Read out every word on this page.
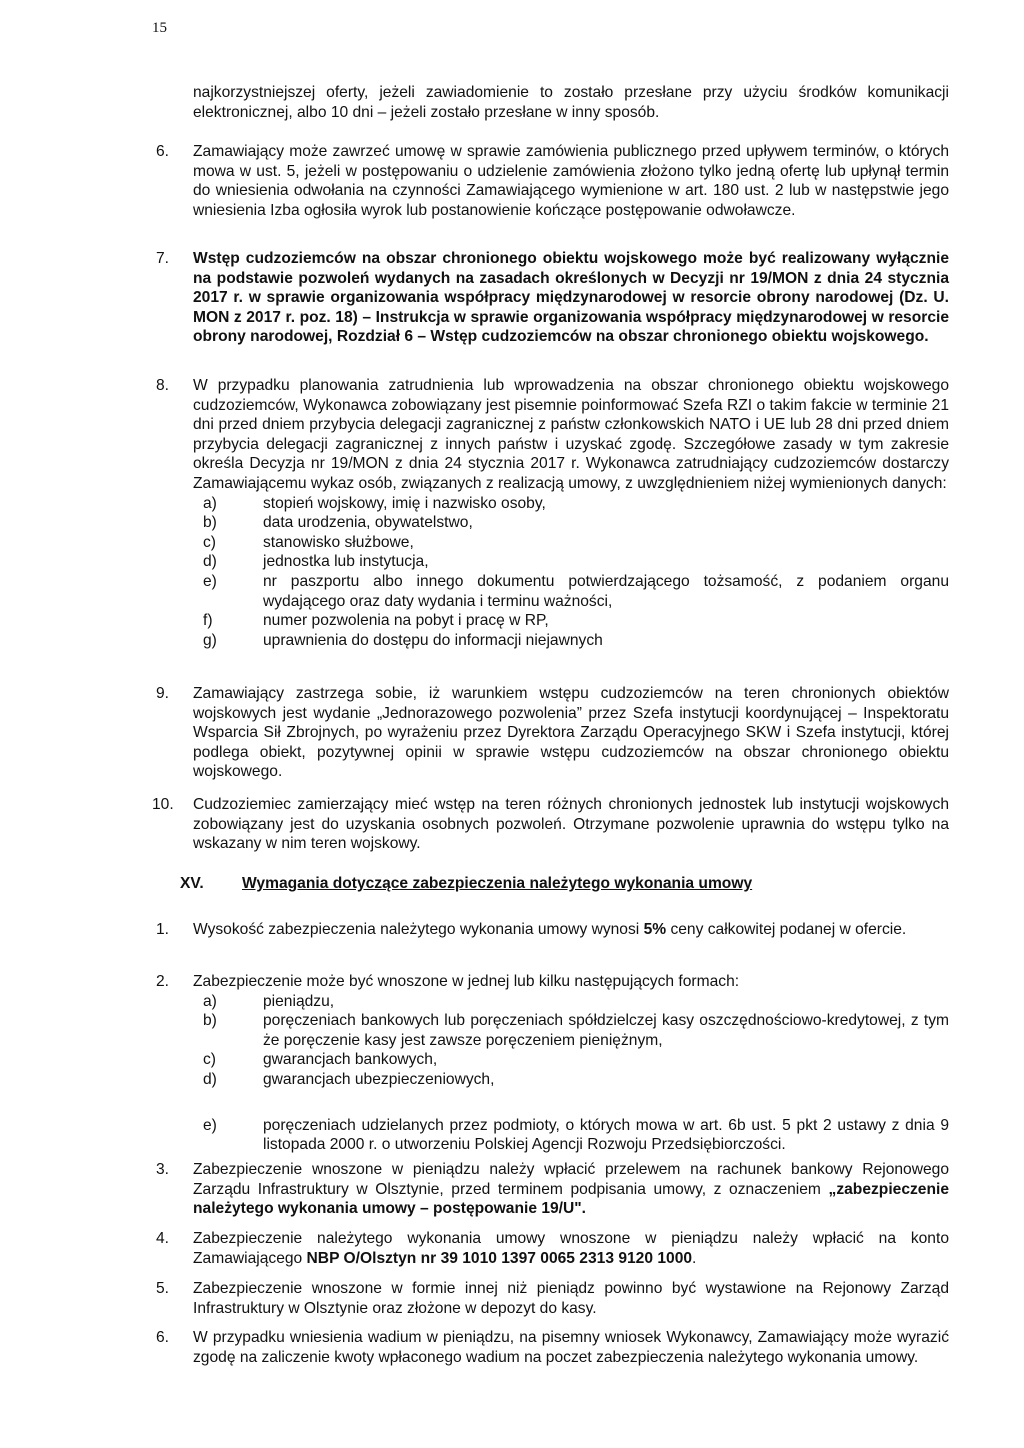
15
najkorzystniejszej oferty, jeżeli zawiadomienie to zostało przesłane przy użyciu środków komunikacji elektronicznej, albo 10 dni – jeżeli zostało przesłane w inny sposób.
6. Zamawiający może zawrzeć umowę w sprawie zamówienia publicznego przed upływem terminów, o których mowa w ust. 5, jeżeli w postępowaniu o udzielenie zamówienia złożono tylko jedną ofertę lub upłynął termin do wniesienia odwołania na czynności Zamawiającego wymienione w art. 180 ust. 2 lub w następstwie jego wniesienia Izba ogłosiła wyrok lub postanowienie kończące postępowanie odwoławcze.
7. Wstęp cudzoziemców na obszar chronionego obiektu wojskowego może być realizowany wyłącznie na podstawie pozwoleń wydanych na zasadach określonych w Decyzji nr 19/MON z dnia 24 stycznia 2017 r. w sprawie organizowania współpracy międzynarodowej w resorcie obrony narodowej (Dz. U. MON z 2017 r. poz. 18) – Instrukcja w sprawie organizowania współpracy międzynarodowej w resorcie obrony narodowej, Rozdział 6 – Wstęp cudzoziemców na obszar chronionego obiektu wojskowego.
8. W przypadku planowania zatrudnienia lub wprowadzenia na obszar chronionego obiektu wojskowego cudzoziemców, Wykonawca zobowiązany jest pisemnie poinformować Szefa RZI o takim fakcie w terminie 21 dni przed dniem przybycia delegacji zagranicznej z państw członkowskich NATO i UE lub 28 dni przed dniem przybycia delegacji zagranicznej z innych państw i uzyskać zgodę. Szczegółowe zasady w tym zakresie określa Decyzja nr 19/MON z dnia 24 stycznia 2017 r. Wykonawca zatrudniający cudzoziemców dostarczy Zamawiającemu wykaz osób, związanych z realizacją umowy, z uwzględnieniem niżej wymienionych danych:
a)	stopień wojskowy, imię i nazwisko osoby,
b)	data urodzenia, obywatelstwo,
c)	stanowisko służbowe,
d)	jednostka lub instytucja,
e)	nr paszportu albo innego dokumentu potwierdzającego tożsamość, z podaniem organu wydającego oraz daty wydania i terminu ważności,
f)	numer pozwolenia na pobyt i pracę w RP,
g)	uprawnienia do dostępu do informacji niejawnych
9. Zamawiający zastrzega sobie, iż warunkiem wstępu cudzoziemców na teren chronionych obiektów wojskowych jest wydanie „Jednorazowego pozwolenia” przez Szefa instytucji koordynującej – Inspektoratu Wsparcia Sił Zbrojnych, po wyrażeniu przez Dyrektora Zarządu Operacyjnego SKW i Szefa instytucji, której podlega obiekt, pozytywnej opinii w sprawie wstępu cudzoziemców na obszar chronionego obiektu wojskowego.
10. Cudzoziemiec zamierzający mieć wstęp na teren różnych chronionych jednostek lub instytucji wojskowych zobowiązany jest do uzyskania osobnych pozwoleń. Otrzymane pozwolenie uprawnia do wstępu tylko na wskazany w nim teren wojskowy.
XV. Wymagania dotyczące zabezpieczenia należytego wykonania umowy
1. Wysokość zabezpieczenia należytego wykonania umowy wynosi 5% ceny całkowitej podanej w ofercie.
2. Zabezpieczenie może być wnoszone w jednej lub kilku następujących formach:
a)	pieniądzu,
b)	poręczeniach bankowych lub poręczeniach spółdzielczej kasy oszczędnościowo-kredytowej, z tym że poręczenie kasy jest zawsze poręczeniem pieniężnym,
c)	gwarancjach bankowych,
d)	gwarancjach ubezpieczeniowych,
e)	poręczeniach udzielanych przez podmioty, o których mowa w art. 6b ust. 5 pkt 2 ustawy z dnia 9 listopada 2000 r. o utworzeniu Polskiej Agencji Rozwoju Przedsiębiorczości.
3. Zabezpieczenie wnoszone w pieniądzu należy wpłacić przelewem na rachunek bankowy Rejonowego Zarządu Infrastruktury w Olsztynie, przed terminem podpisania umowy, z oznaczeniem „zabezpieczenie należytego wykonania umowy – postępowanie 19/U".
4. Zabezpieczenie należytego wykonania umowy wnoszone w pieniądzu należy wpłacić na konto Zamawiającego NBP O/Olsztyn nr 39 1010 1397 0065 2313 9120 1000.
5. Zabezpieczenie wnoszone w formie innej niż pieniądz powinno być wystawione na Rejonowy Zarząd Infrastruktury w Olsztynie oraz złożone w depozyt do kasy.
6. W przypadku wniesienia wadium w pieniądzu, na pisemny wniosek Wykonawcy, Zamawiający może wyrazić zgodę na zaliczenie kwoty wpłaconego wadium na poczet zabezpieczenia należytego wykonania umowy.
